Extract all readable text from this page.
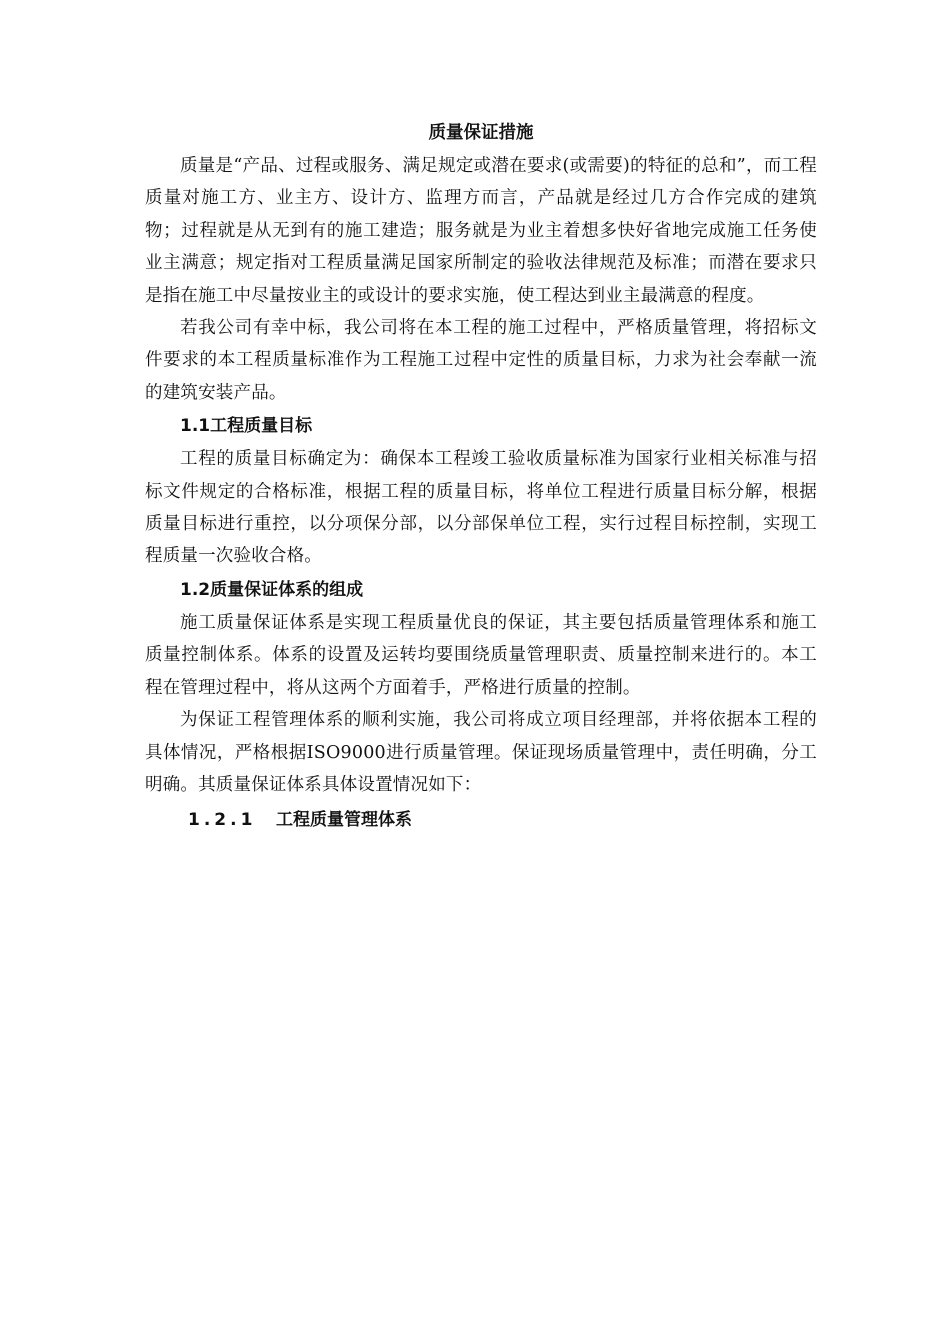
质量保证措施

质量是“产品、过程或服务、满足规定或潜在要求(或需要)的特征的总和”，而工程质量对施工方、业主方、设计方、监理方而言，产品就是经过几方合作完成的建筑物；过程就是从无到有的施工建造；服务就是为业主着想多快好省地完成施工任务使业主满意；规定指对工程质量满足国家所制定的验收法律规范及标准；而潜在要求只是指在施工中尽量按业主的或设计的要求实施，使工程达到业主最满意的程度。

若我公司有幸中标，我公司将在本工程的施工过程中，严格质量管理，将招标文件要求的本工程质量标准作为工程施工过程中定性的质量目标，力求为社会奉献一流的建筑安装产品。

1.1工程质量目标

工程的质量目标确定为：确保本工程竣工验收质量标准为国家行业相关标准与招标文件规定的合格标准，根据工程的质量目标，将单位工程进行质量目标分解，根据质量目标进行重控，以分项保分部，以分部保单位工程，实行过程目标控制，实现工程质量一次验收合格。

1.2质量保证体系的组成

施工质量保证体系是实现工程质量优良的保证，其主要包括质量管理体系和施工质量控制体系。体系的设置及运转均要围绕质量管理职责、质量控制来进行的。本工程在管理过程中，将从这两个方面着手，严格进行质量的控制。

为保证工程管理体系的顺利实施，我公司将成立项目经理部，并将依据本工程的具体情况，严格根据ISO9000进行质量管理。保证现场质量管理中，责任明确，分工明确。其质量保证体系具体设置情况如下：

1.2.1 工程质量管理体系
